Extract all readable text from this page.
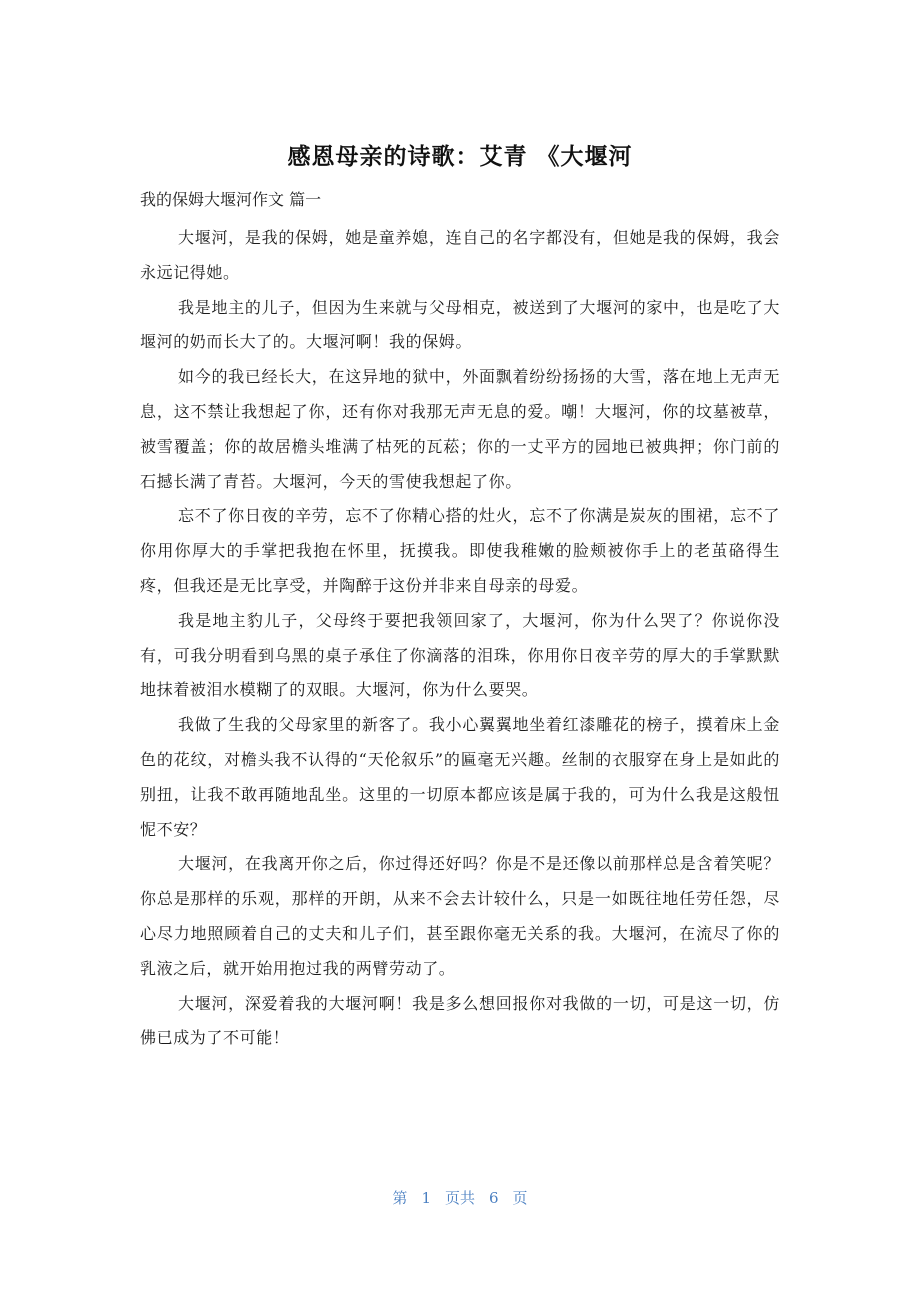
感恩母亲的诗歌：艾青 《大堰河
我的保姆大堰河作文 篇一

大堰河，是我的保姆，她是童养媳，连自己的名字都没有，但她是我的保姆，我会永远记得她。

我是地主的儿子，但因为生来就与父母相克，被送到了大堰河的家中，也是吃了大堰河的奶而长大了的。大堰河啊！我的保姆。

如今的我已经长大，在这异地的狱中，外面飘着纷纷扬扬的大雪，落在地上无声无息，这不禁让我想起了你，还有你对我那无声无息的爱。嘲！大堰河，你的坟墓被草，被雪覆盖；你的故居檐头堆满了枯死的瓦菘；你的一丈平方的园地已被典押；你门前的石撼长满了青苔。大堰河，今天的雪使我想起了你。

忘不了你日夜的辛劳，忘不了你精心搭的灶火，忘不了你满是炭灰的围裙，忘不了你用你厚大的手掌把我抱在怀里，抚摸我。即使我稚嫩的脸颊被你手上的老茧硌得生疼，但我还是无比享受，并陶醉于这份并非来自母亲的母爱。

我是地主豹儿子，父母终于要把我领回家了，大堰河，你为什么哭了？你说你没有，可我分明看到乌黑的桌子承住了你滴落的泪珠，你用你日夜辛劳的厚大的手掌默默地抹着被泪水模糊了的双眼。大堰河，你为什么要哭。

我做了生我的父母家里的新客了。我小心翼翼地坐着红漆雕花的榜子，摸着床上金色的花纹，对檐头我不认得的“天伦叙乐”的匾毫无兴趣。丝制的衣服穿在身上是如此的别扭，让我不敢再随地乱坐。这里的一切原本都应该是属于我的，可为什么我是这般忸怩不安？

大堰河，在我离开你之后，你过得还好吗？你是不是还像以前那样总是含着笑呢？你总是那样的乐观，那样的开朗，从来不会去计较什么，只是一如既往地任劳任怨，尽心尽力地照顾着自己的丈夫和儿子们，甚至跟你毫无关系的我。大堰河，在流尽了你的乳液之后，就开始用抱过我的两臂劳动了。

大堰河，深爱着我的大堰河啊！我是多么想回报你对我做的一切，可是这一切，仿佛已成为了不可能！

第 1 页共 6 页
